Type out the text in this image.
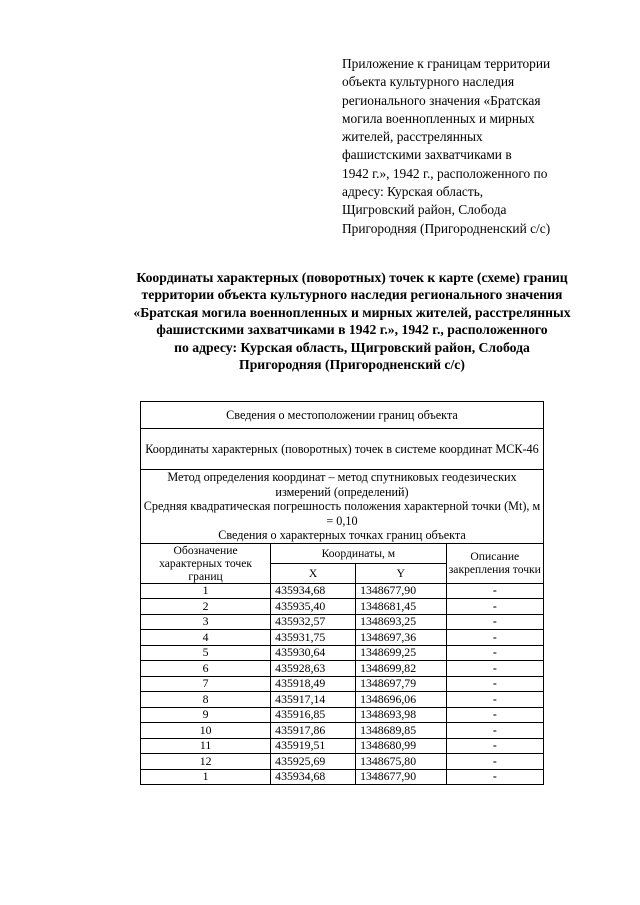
Приложение к границам территории
объекта культурного наследия
регионального значения «Братская
могила военнопленных и мирных
жителей, расстрелянных
фашистскими захватчиками в
1942 г.», 1942 г., расположенного по
адресу: Курская область,
Щигровский район, Слобода
Пригородняя (Пригородненский с/с)
Координаты характерных (поворотных) точек к карте (схеме) границ
территории объекта культурного наследия регионального значения
«Братская могила военнопленных и мирных жителей, расстрелянных
фашистскими захватчиками в 1942 г.», 1942 г., расположенного
по адресу: Курская область, Щигровский район, Слобода
Пригородняя (Пригородненский с/с)
Сведения о местоположении границ объекта			
Координаты характерных (поворотных) точек в системе координат МСК-46			

Метод определения координат – метод спутниковых геодезических измерений (определений)
Средняя квадратическая погрешность положения характерной точки (Mt), м = 0,10
Сведения о характерных точках границ объекта			

Обозначение характерных точек границ	Координаты, м		Описание закрепления точки
	X	Y	
1	435934,68	1348677,90	-
2	435935,40	1348681,45	-
3	435932,57	1348693,25	-
4	435931,75	1348697,36	-
5	435930,64	1348699,25	-
6	435928,63	1348699,82	-
7	435918,49	1348697,79	-
8	435917,14	1348696,06	-
9	435916,85	1348693,98	-
10	435917,86	1348689,85	-
11	435919,51	1348680,99	-
12	435925,69	1348675,80	-
1	435934,68	1348677,90	-
